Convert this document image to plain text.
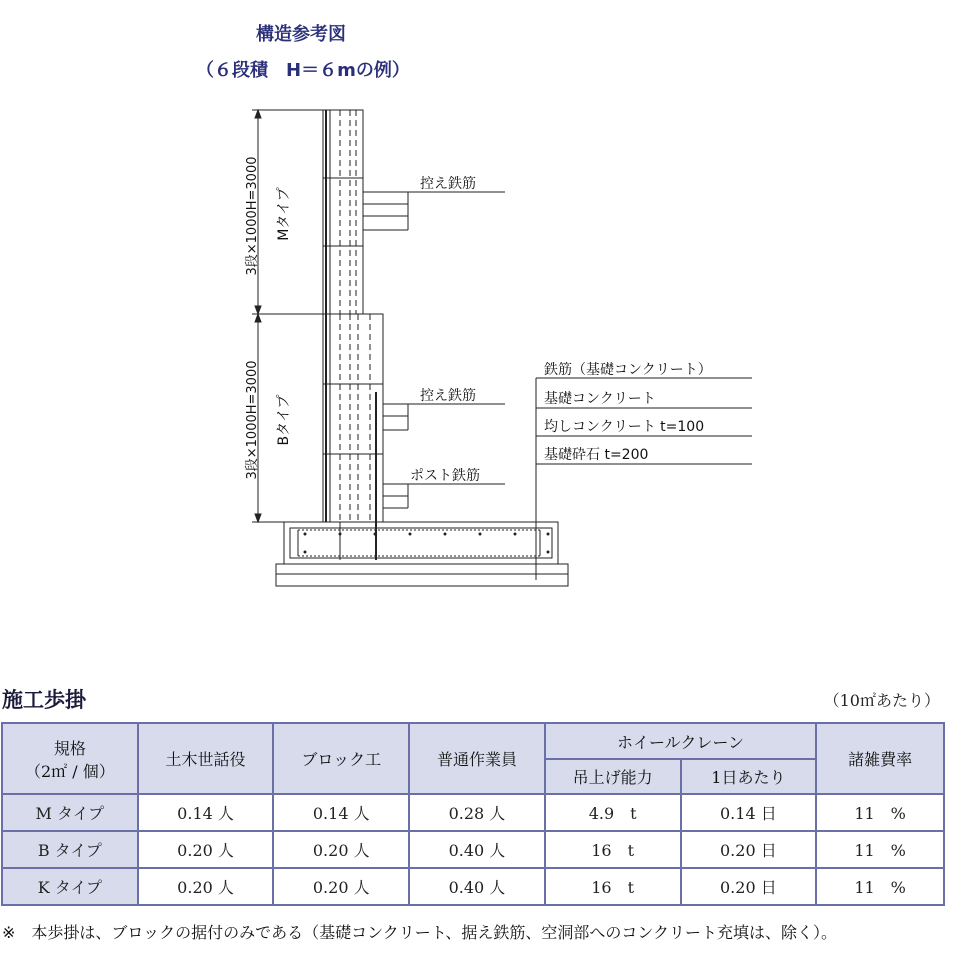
構造参考図
（６段積　H＝６mの例）
3段×1000H=3000
3段×1000H=3000
Mタイプ
Bタイプ
控え鉄筋
控え鉄筋
ポスト鉄筋
鉄筋（基礎コンクリート）
基礎コンクリート
均しコンクリート t=100
基礎砕石 t=200
施工歩掛	（10㎡あたり）
規格
（2㎡ / 個）	土木世話役	ブロック工	普通作業員	ホイールクレーン		諸雑費率
				吊上げ能力	1日あたり	
M タイプ	0.14 人	0.14 人	0.28 人	4.9　t	0.14 日	11　%
B タイプ	0.20 人	0.20 人	0.40 人	16　t	0.20 日	11　%
K タイプ	0.20 人	0.20 人	0.40 人	16　t	0.20 日	11　%
※　本歩掛は、ブロックの据付のみである（基礎コンクリート、据え鉄筋、空洞部へのコンクリート充填は、除く）。
